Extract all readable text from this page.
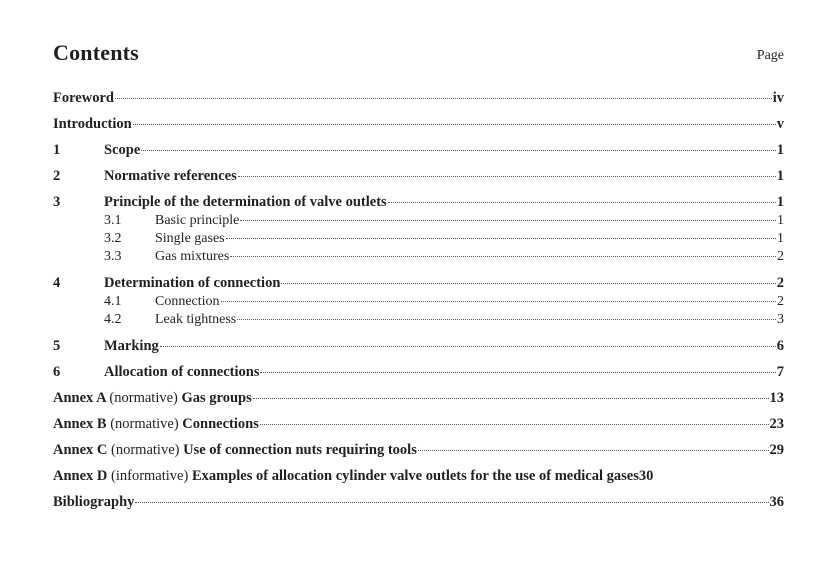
Contents	Page
Foreword	iv
Introduction	v
1	Scope	1
2	Normative references	1
3	Principle of the determination of valve outlets	1
3.1	Basic principle	1
3.2	Single gases	1
3.3	Gas mixtures	2
4	Determination of connection	2
4.1	Connection	2
4.2	Leak tightness	3
5	Marking	6
6	Allocation of connections	7
Annex A (normative) Gas groups	13
Annex B (normative) Connections	23
Annex C (normative) Use of connection nuts requiring tools	29
Annex D (informative) Examples of allocation cylinder valve outlets for the use of medical gases 30
Bibliography	36
